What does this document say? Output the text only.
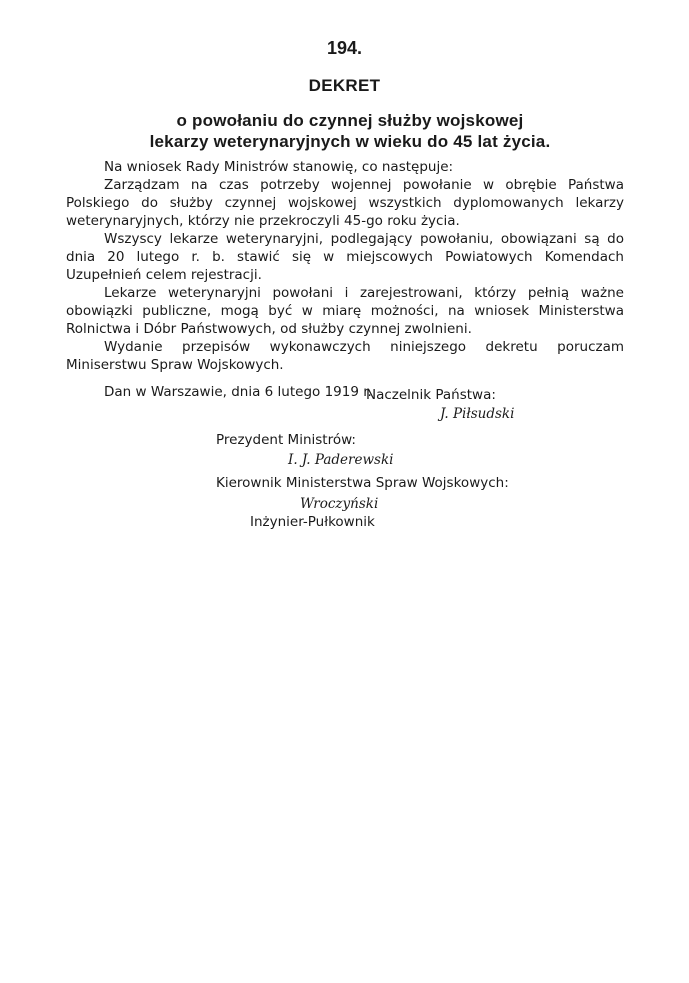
194.
DEKRET
o powołaniu do czynnej służby wojskowej
lekarzy weterynaryjnych w wieku do 45 lat życia.

Na wniosek Rady Ministrów stanowię, co następuje:

Zarządzam na czas potrzeby wojennej powołanie w obrębie Państwa Polskiego do służby czynnej wojskowej wszystkich dyplomowanych lekarzy weterynaryjnych, którzy nie przekroczyli 45-go roku życia.

Wszyscy lekarze weterynaryjni, podlegający powołaniu, obowiązani są do dnia 20 lutego r. b. stawić się w miejscowych Powiatowych Komendach Uzupełnień celem rejestracji.

Lekarze weterynaryjni powołani i zarejestrowani, którzy pełnią ważne obowiązki publiczne, mogą być w miarę możności, na wniosek Ministerstwa Rolnictwa i Dóbr Państwowych, od służby czynnej zwolnieni.

Wydanie przepisów wykonawczych niniejszego dekretu poruczam Miniserstwu Spraw Wojskowych.

Dan w Warszawie, dnia 6 lutego 1919 r.

Naczelnik Państwa:
J. Piłsudski
Prezydent Ministrów:
I. J. Paderewski
Kierownik Ministerstwa Spraw Wojskowych:
Wroczyński
Inżynier-Pułkownik
